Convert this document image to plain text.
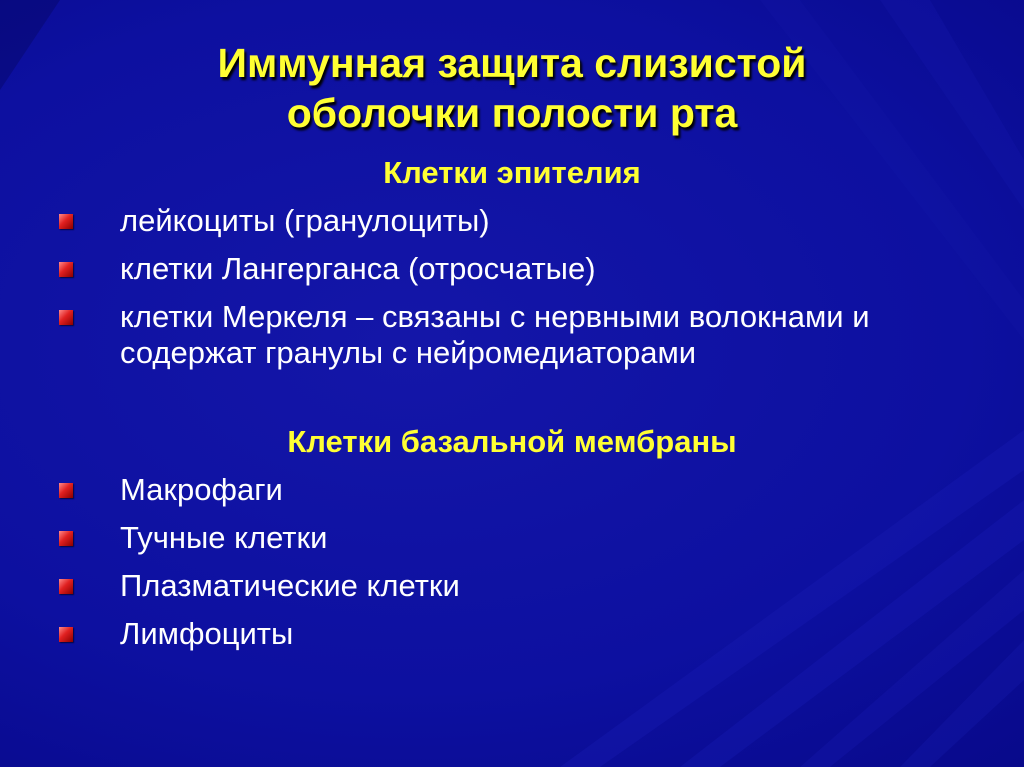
Иммунная защита слизистой
оболочки полости рта
Клетки эпителия
лейкоциты (гранулоциты)
клетки Лангерганса (отросчатые)
клетки Меркеля – связаны с нервными волокнами и содержат гранулы с нейромедиаторами
Клетки базальной мембраны
Макрофаги
Тучные клетки
Плазматические клетки
Лимфоциты
